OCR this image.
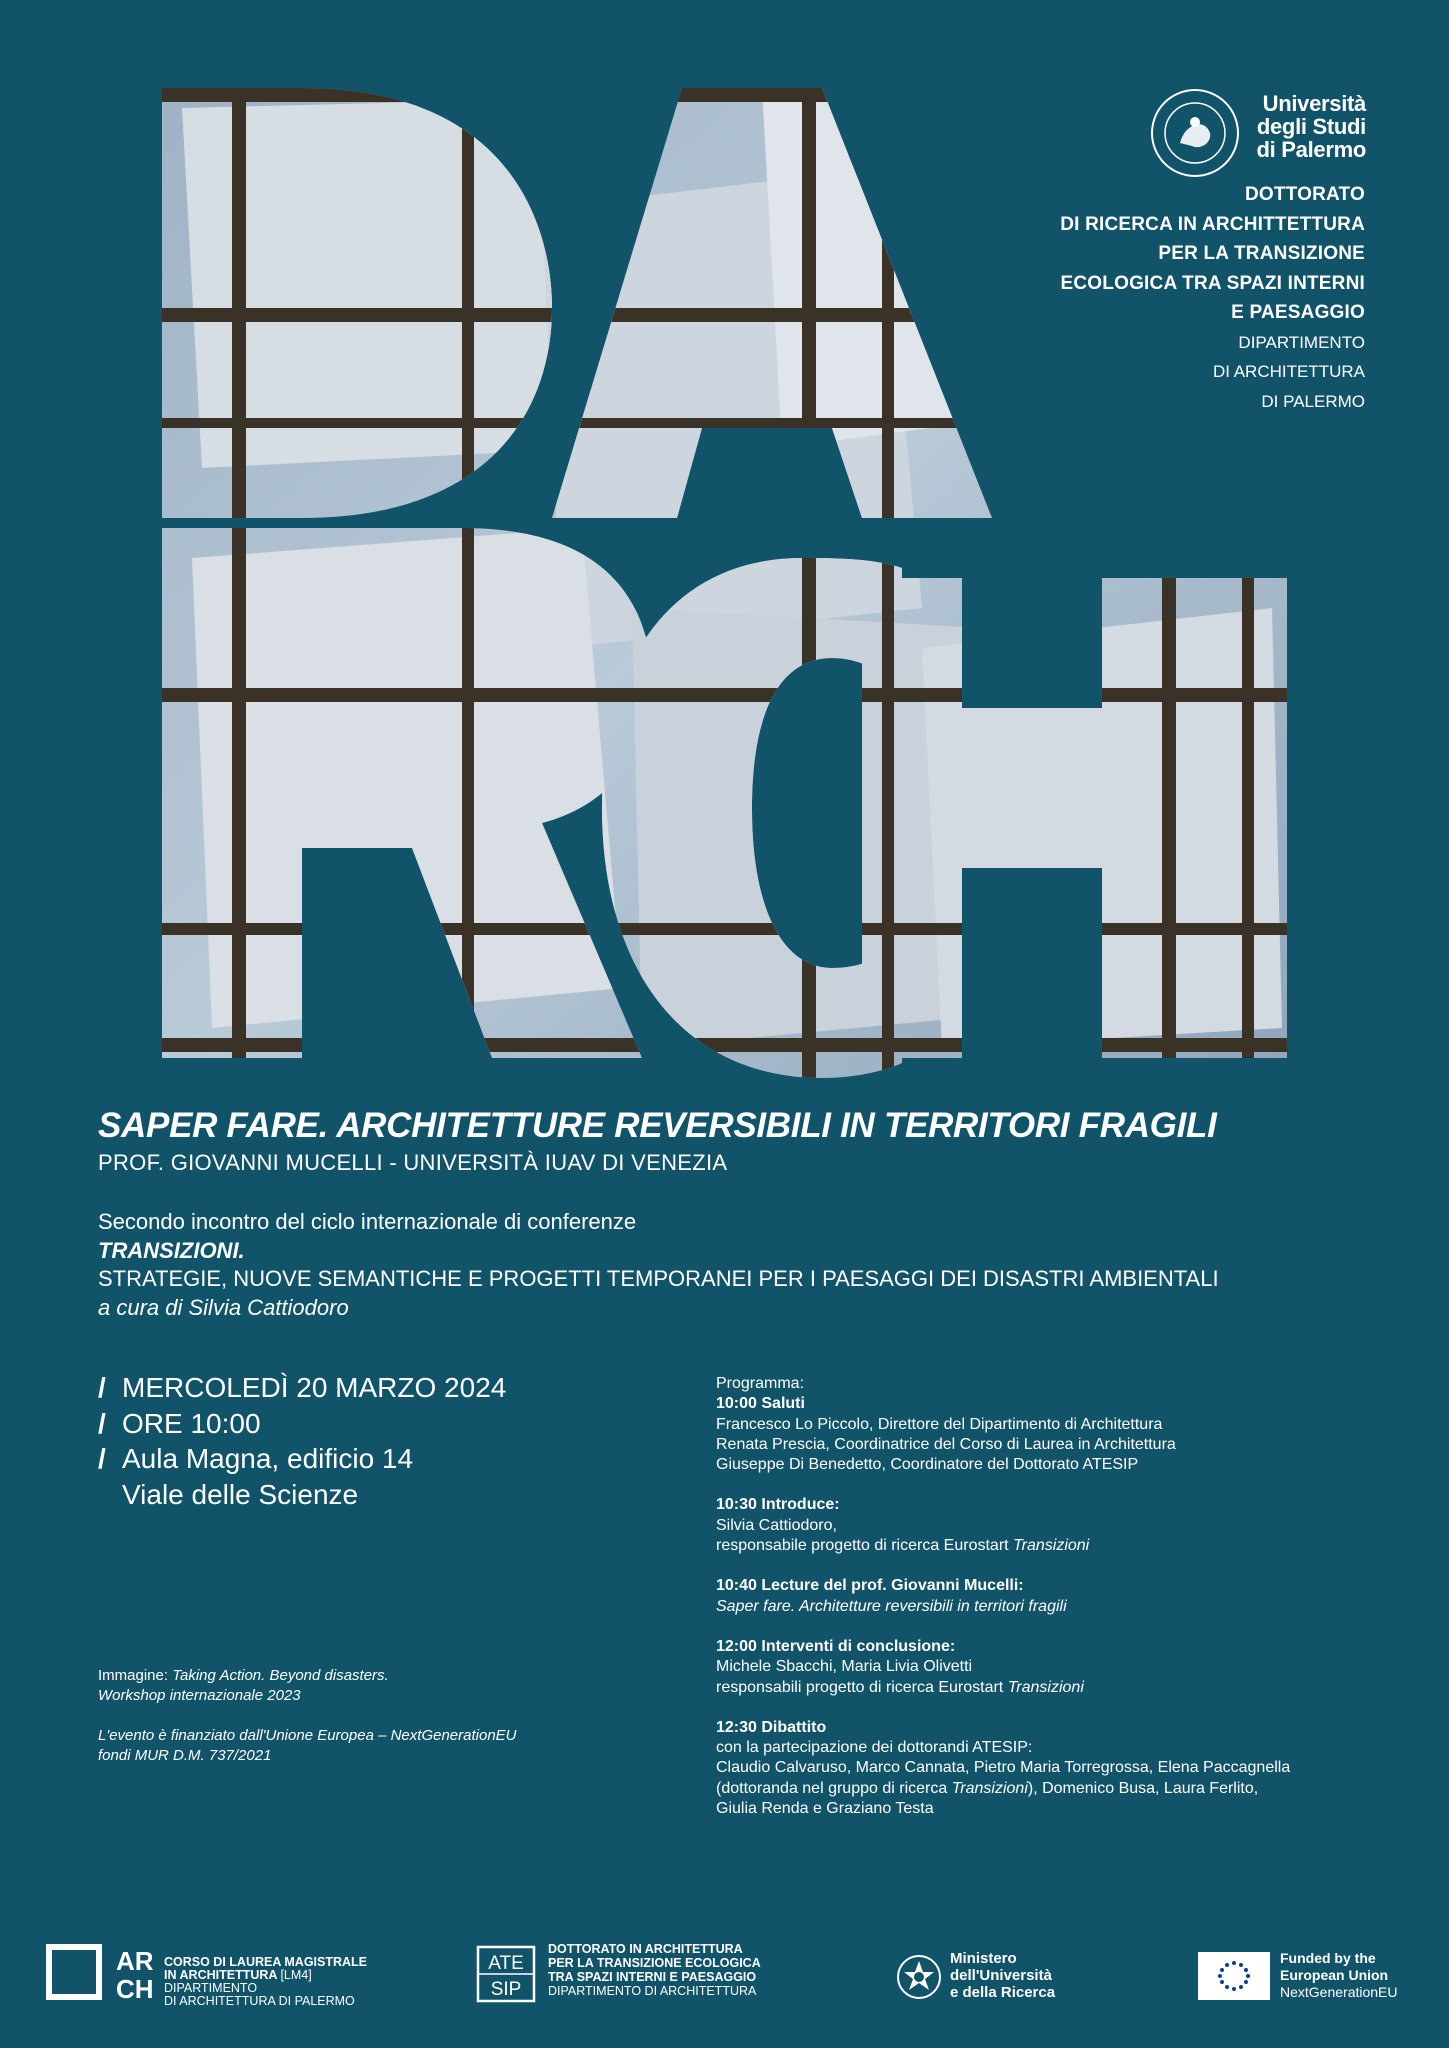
Università
degli Studi
di Palermo
DOTTORATO
DI RICERCA IN ARCHITTETTURA
PER LA TRANSIZIONE
ECOLOGICA TRA SPAZI INTERNI
E PAESAGGIO
DIPARTIMENTO
DI ARCHITETTURA
DI PALERMO
SAPER FARE. ARCHITETTURE REVERSIBILI IN TERRITORI FRAGILI
PROF. GIOVANNI MUCELLI - UNIVERSITÀ IUAV DI VENEZIA
Secondo incontro del ciclo internazionale di conferenze
TRANSIZIONI.
STRATEGIE, NUOVE SEMANTICHE E PROGETTI TEMPORANEI PER I PAESAGGI DEI DISASTRI AMBIENTALI
a cura di Silvia Cattiodoro
/ MERCOLEDÌ 20 MARZO 2024
/ ORE 10:00
/ Aula Magna, edificio 14
Viale delle Scienze
Immagine: Taking Action. Beyond disasters.
Workshop internazionale 2023
L'evento è finanziato dall'Unione Europea – NextGenerationEU
fondi MUR D.M. 737/2021
Programma:
10:00 Saluti
Francesco Lo Piccolo, Direttore del Dipartimento di Architettura
Renata Prescia, Coordinatrice del Corso di Laurea in Architettura
Giuseppe Di Benedetto, Coordinatore del Dottorato ATESIP
10:30 Introduce:
Silvia Cattiodoro,
responsabile progetto di ricerca Eurostart Transizioni
10:40 Lecture del prof. Giovanni Mucelli:
Saper fare. Architetture reversibili in territori fragili
12:00 Interventi di conclusione:
Michele Sbacchi, Maria Livia Olivetti
responsabili progetto di ricerca Eurostart Transizioni
12:30 Dibattito
con la partecipazione dei dottorandi ATESIP:
Claudio Calvaruso, Marco Cannata, Pietro Maria Torregrossa, Elena Paccagnella
(dottoranda nel gruppo di ricerca Transizioni), Domenico Busa, Laura Ferlito,
Giulia Renda e Graziano Testa
AR
CH
CORSO DI LAUREA MAGISTRALE
IN ARCHITETTURA [LM4]
DIPARTIMENTO
DI ARCHITETTURA DI PALERMO
ATE
SIP
DOTTORATO IN ARCHITETTURA
PER LA TRANSIZIONE ECOLOGICA
TRA SPAZI INTERNI E PAESAGGIO
DIPARTIMENTO DI ARCHITETTURA
Ministero
dell'Università
e della Ricerca
Funded by the
European Union
NextGenerationEU
